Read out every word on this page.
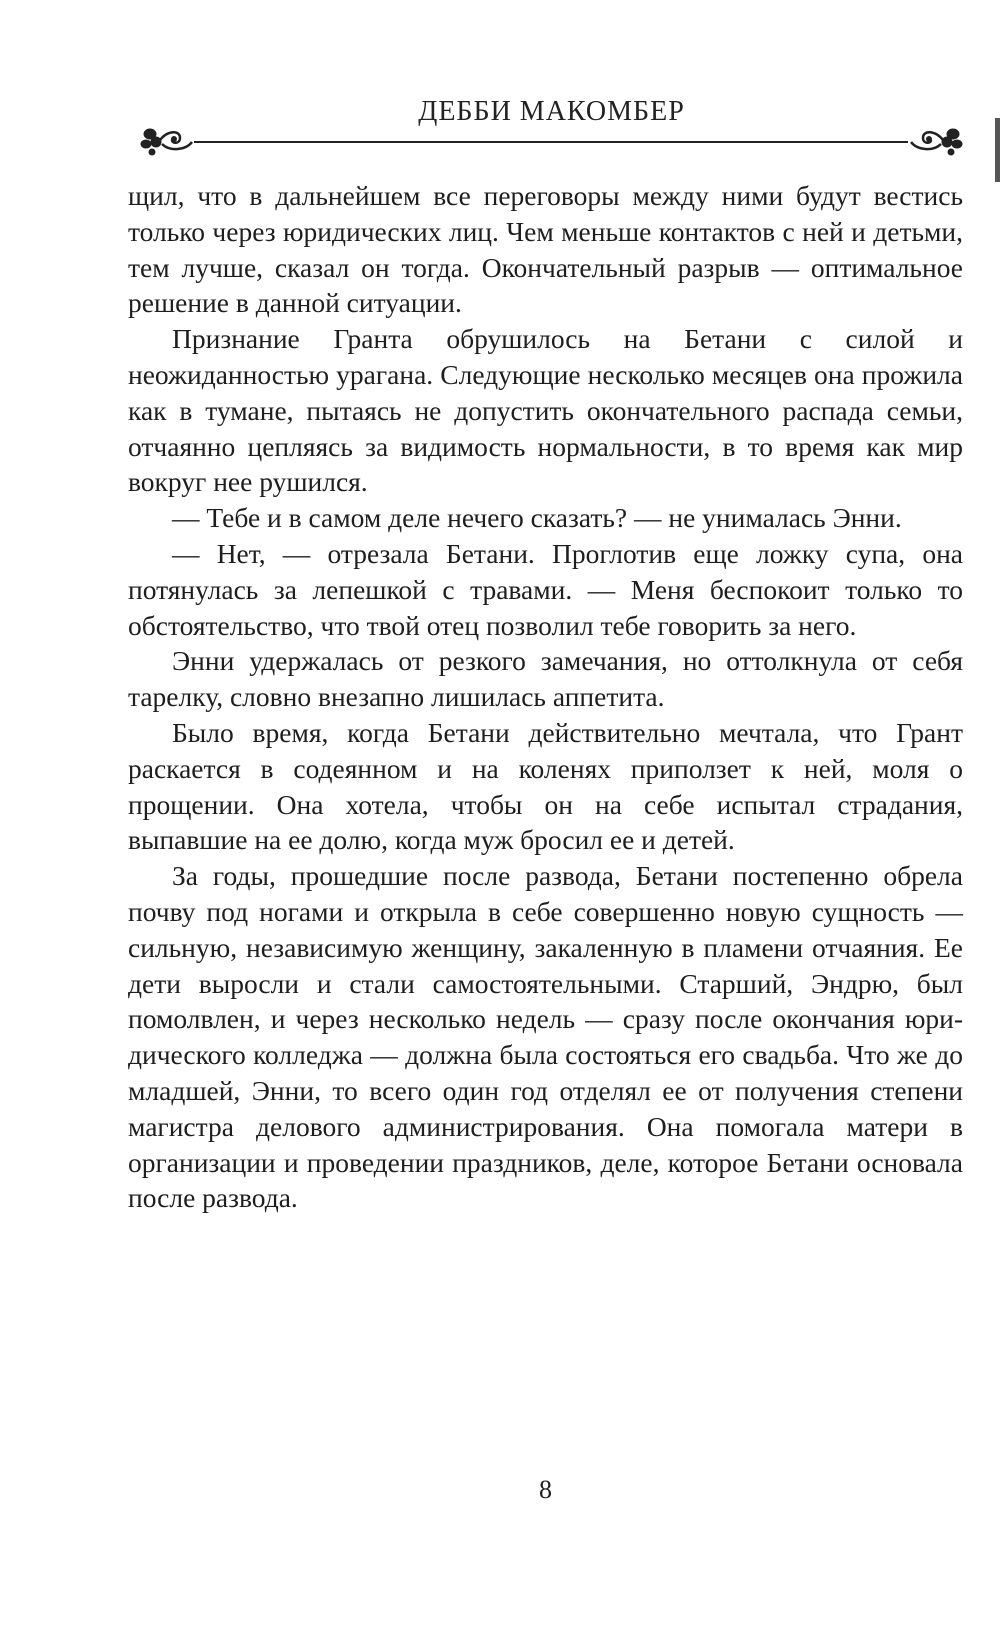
ДЕББИ МАКОМБЕР

щил, что в дальнейшем все переговоры между ними будут вестись только через юридических лиц. Чем меньше контактов с ней и детьми, тем лучше, сказал он тогда. Окончательный разрыв — оптимальное решение в данной ситуации.

Признание Гранта обрушилось на Бетани с силой и неожиданностью урагана. Следующие несколько месяцев она прожила как в тумане, пытаясь не допустить окончательного распада семьи, отчаянно цепляясь за видимость нормальности, в то время как мир вокруг нее рушился.

— Тебе и в самом деле нечего сказать? — не унималась Энни.

— Нет, — отрезала Бетани. Проглотив еще ложку супа, она потянулась за лепешкой с травами. — Меня беспокоит только то обстоятельство, что твой отец позволил тебе говорить за него.

Энни удержалась от резкого замечания, но оттолкнула от себя тарелку, словно внезапно лишилась аппетита.

Было время, когда Бетани действительно мечтала, что Грант раскается в содеянном и на коленях приползет к ней, моля о прощении. Она хотела, чтобы он на себе испытал страдания, выпавшие на ее долю, когда муж бросил ее и детей.

За годы, прошедшие после развода, Бетани постепенно обрела почву под ногами и открыла в себе совершенно новую сущность — сильную, независимую женщину, закаленную в пламени отчаяния. Ее дети выросли и стали самостоятельными. Старший, Эндрю, был помолвлен, и через несколько недель — сразу после окончания юридического колледжа — должна была состояться его свадьба. Что же до младшей, Энни, то всего один год отделял ее от получения степени магистра делового администрирования. Она помогала матери в организации и проведении праздников, деле, которое Бетани основала после развода.

8
